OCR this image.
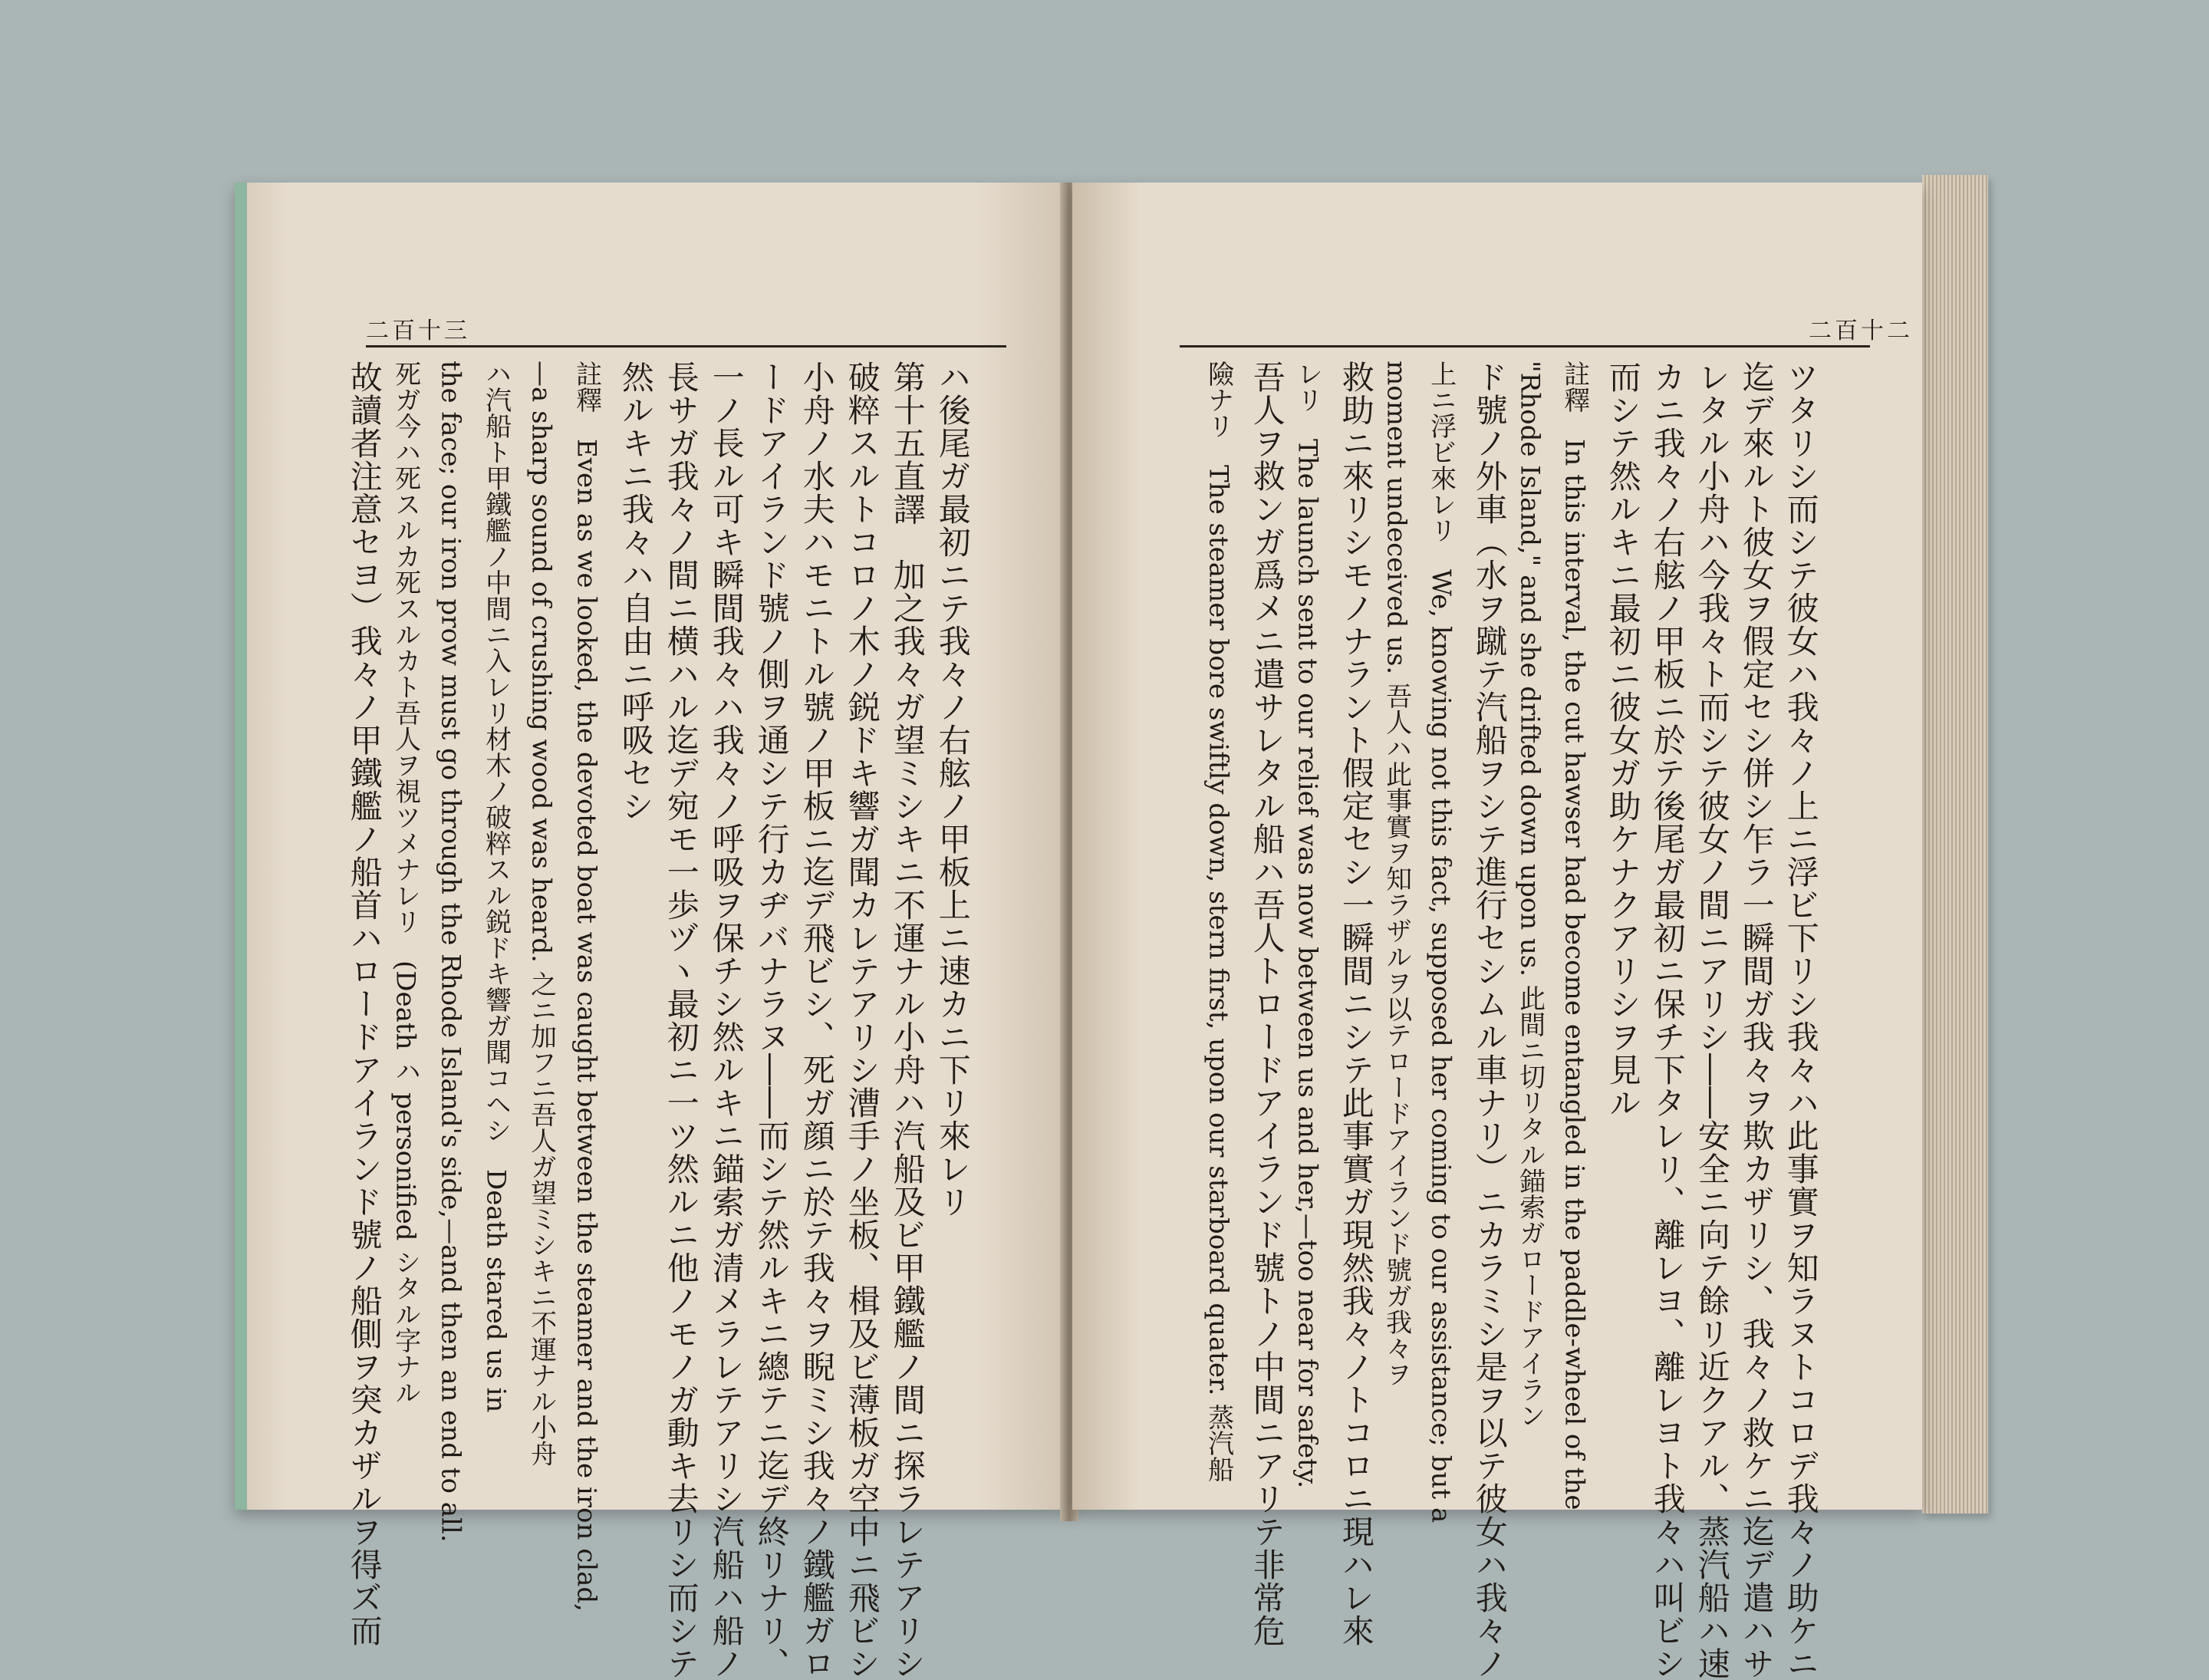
二百十三
ハ後尾ガ最初ニテ我々ノ右舷ノ甲板上ニ速カニ下リ來レリ
第十五直譯　加之我々ガ望ミシキニ不運ナル小舟ハ汽船及ビ甲鐵艦ノ間ニ探ラレテアリシ
破粹スルトコロノ木ノ鋭ドキ響ガ聞カレテアリシ漕手ノ坐板、楫及ビ薄板ガ空中ニ飛ビシ
小舟ノ水夫ハモニトル號ノ甲板ニ迄デ飛ビシ、死ガ顔ニ於テ我々ヲ睨ミシ我々ノ鐵艦ガロ
ードアイランド號ノ側ヲ通シテ行カヂバナラヌ――而シテ然ルキニ總テニ迄デ終リナリ、
一ノ長ル可キ瞬間我々ハ我々ノ呼吸ヲ保チシ然ルキニ錨索ガ清メラレテアリシ汽船ハ船ノ
長サガ我々ノ間ニ横ハル迄デ宛モ一歩ヅヽ最初ニ一ツ然ルニ他ノモノガ動キ去リシ而シテ
然ルキニ我々ハ自由ニ呼吸セシ
註釋　Even as we looked, the devoted boat was caught between the steamer and the iron clad,
—a sharp sound of crushing wood was heard. 之ニ加フニ吾人ガ望ミシキニ不運ナル小舟
ハ汽船ト甲鐵艦ノ中間ニ入レリ材木ノ破粹スル鋭ドキ響ガ聞コヘシ　Death stared us in
the face; our iron prow must go through the Rhode Island's side,—and then an end to all.
死ガ今ハ死スルカ死スルカト吾人ヲ視ツメナレリ　(Death ハ personified シタル字ナル
故讀者注意セヨ）我々ノ甲鐵艦ノ船首ハロードアイランド號ノ船側ヲ突カザルヲ得ズ而
二百十二
ツタリシ而シテ彼女ハ我々ノ上ニ浮ビ下リシ我々ハ此事實ヲ知ラヌトコロデ我々ノ助ケニ
迄デ來ルト彼女ヲ假定セシ併シ乍ラ一瞬間ガ我々ヲ欺カザリシ、我々ノ救ケニ迄デ遣ハサ
レタル小舟ハ今我々ト而シテ彼女ノ間ニアリシ――安全ニ向テ餘リ近クアル、蒸汽船ハ速
カニ我々ノ右舷ノ甲板ニ於テ後尾ガ最初ニ保チ下タレリ、離レヨ、離レヨト我々ハ叫ビシ
而シテ然ルキニ最初ニ彼女ガ助ケナクアリシヲ見ル
註釋　In this interval, the cut hawser had become entangled in the paddle-wheel of the
"Rhode Island," and she drifted down upon us. 此間ニ切リタル錨索ガロードアイラン
ド號ノ外車（水ヲ蹴テ汽船ヲシテ進行セシムル車ナリ）ニカラミシ是ヲ以テ彼女ハ我々ノ
上ニ浮ビ來レリ　We, knowing not this fact, supposed her coming to our assistance; but a
moment undeceived us. 吾人ハ此事實ヲ知ラザルヲ以テロードアイランド號ガ我々ヲ
救助ニ來リシモノナラント假定セシ一瞬間ニシテ此事實ガ現然我々ノトコロニ現ハレ來
レリ　The launch sent to our relief was now between us and her,—too near for safety.
吾人ヲ救ンガ爲メニ遣サレタル船ハ吾人トロードアイランド號トノ中間ニアリテ非常危
險ナリ　The steamer bore swiftly down, stern first, upon our starboard quater. 蒸汽船
